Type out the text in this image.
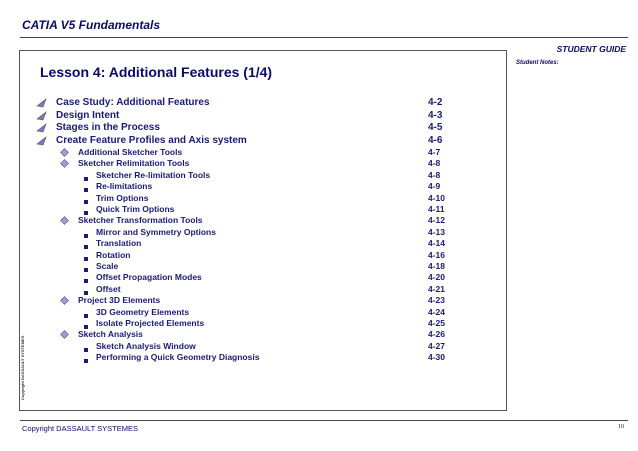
CATIA V5 Fundamentals
STUDENT GUIDE
Student Notes:
Copyright DASSAULT SYSTEMES
Lesson 4: Additional Features (1/4)
Case Study: Additional Features	4-2
Design Intent	4-3
Stages in the Process	4-5
Create Feature Profiles and Axis system	4-6
Additional Sketcher Tools	4-7
Sketcher Relimitation Tools	4-8
Sketcher Re-limitation Tools	4-8
Re-limitations	4-9
Trim Options	4-10
Quick Trim Options	4-11
Sketcher Transformation Tools	4-12
Mirror and Symmetry Options	4-13
Translation	4-14
Rotation	4-16
Scale	4-18
Offset Propagation Modes	4-20
Offset	4-21
Project 3D Elements	4-23
3D Geometry Elements	4-24
Isolate Projected Elements	4-25
Sketch Analysis	4-26
Sketch Analysis Window	4-27
Performing a Quick Geometry Diagnosis	4-30
Copyright DASSAULT SYSTEMES	10
